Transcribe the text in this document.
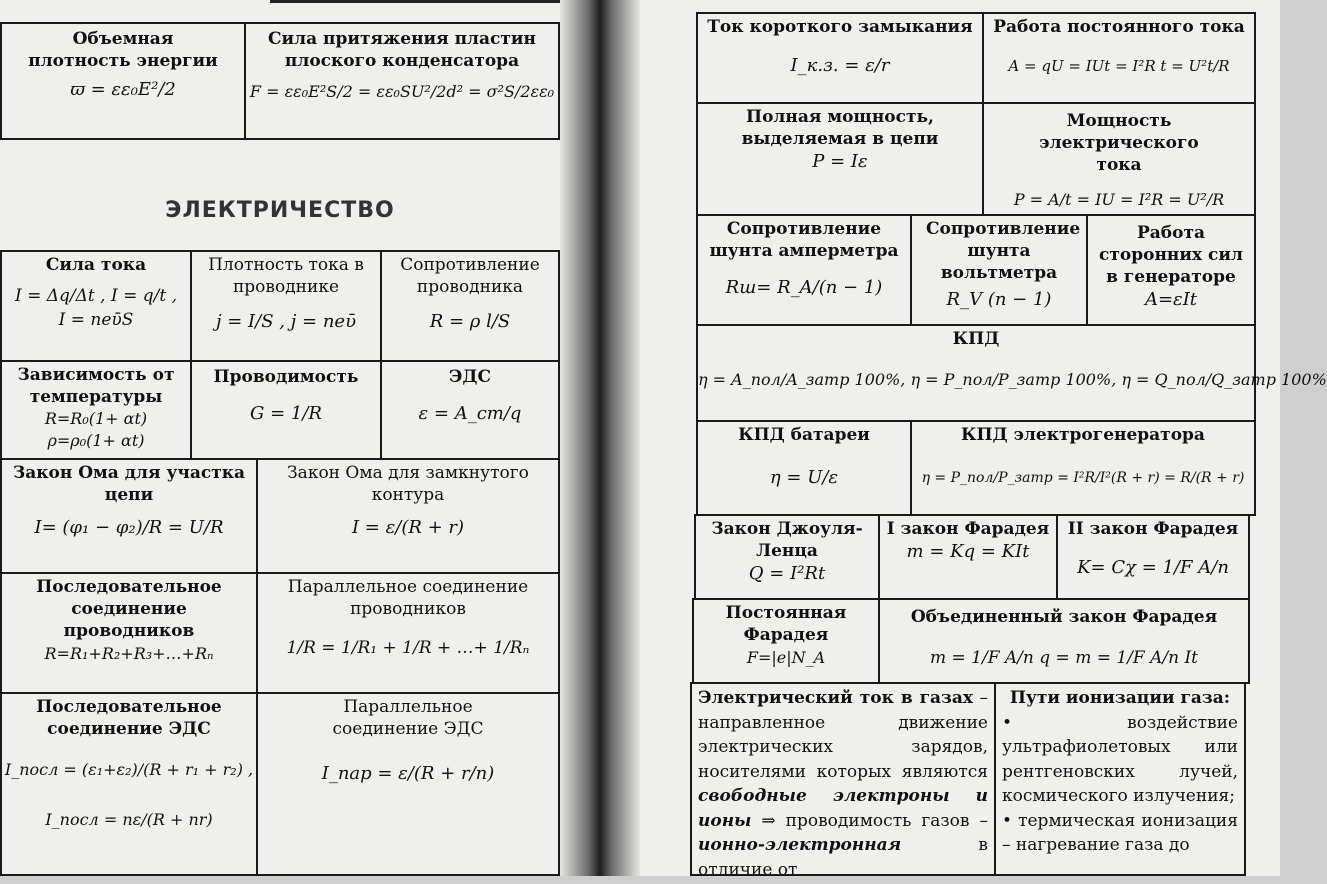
Объемная плотность энергии
ϖ = εε₀E²/2
Сила притяжения пластин плоского конденсатора
F = εε₀E²S/2 = εε₀SU²/2d² = σ²S/2εε₀
ЭЛЕКТРИЧЕСТВО
Сила тока
I = Δq/Δt , I = q/t ,
I = neῡS
Плотность тока в проводнике
j = I/S , j = neῡ
Сопротивление проводника
R = ρ l/S
Зависимость от температуры
R=R₀(1+ αt)
ρ=ρ₀(1+ αt)
Проводимость
G = 1/R
ЭДС
ε = A_cm/q
Закон Ома для участка цепи
I= (φ₁ − φ₂)/R = U/R
Закон Ома для замкнутого контура
I = ε/(R + r)
Последовательное соединение проводников
R=R₁+R₂+R₃+…+Rₙ
Параллельное соединение проводников
1/R = 1/R₁ + 1/R + …+ 1/Rₙ
Последовательное соединение ЭДС
I_посл = (ε₁+ε₂)/(R + r₁ + r₂) ,
I_посл = nε/(R + nr)
Параллельное соединение ЭДС
I_пар = ε/(R + r/n)
Ток короткого замыкания
I_к.з. = ε/r
Работа постоянного тока
A = qU = IUt = I²R t = U²t/R
Полная мощность, выделяемая в цепи
P = Iε
Мощность электрического тока
P = A/t = IU = I²R = U²/R
Сопротивление шунта амперметра
Rш= R_A/(n − 1)
Сопротивление шунта вольтметра
R_V (n − 1)
Работа сторонних сил в генераторе
A=εIt
КПД
η = A_пол/A_затр 100%, η = P_пол/P_затр 100%, η = Q_пол/Q_затр 100%
КПД батареи
η = U/ε
КПД электрогенератора
η = P_пол/P_затр = I²R/I²(R + r) = R/(R + r)
Закон Джоуля-Ленца
Q = I²Rt
I закон Фарадея
m = Kq = KIt
II закон Фарадея
K= Cχ = 1/F A/n
Постоянная Фарадея
F=|e|N_A
Объединенный закон Фарадея
m = 1/F A/n q = m = 1/F A/n It
Электрический ток в газах – направленное движение электрических зарядов, носителями которых являются свободные электроны и ионы ⇒ проводимость газов – ионно-электронная в отличие от
Пути ионизации газа:
• воздействие ультрафиолетовых или рентгеновских лучей, космического излучения;
• термическая ионизация – нагревание газа до
